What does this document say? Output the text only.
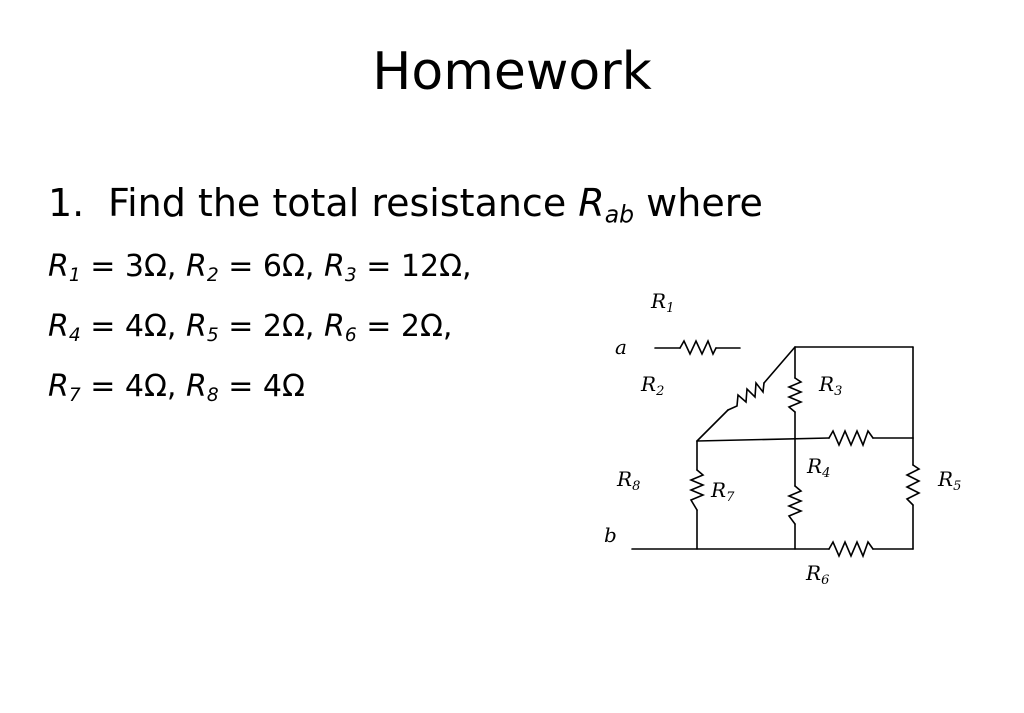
Homework
1. Find the total resistance $R_{ab}$ where
$R_1 = 3\Omega$, $R_2 = 6\Omega$, $R_3 = 12\Omega$,
$R_4 = 4\Omega$, $R_5 = 2\Omega$, $R_6 = 2\Omega$,
$R_7 = 4\Omega$, $R_8 = 4\Omega$
a
b
$R_1$
$R_2$	$R_3$
$R_4$	$R_5$
$R_6$
$R_7$
$R_8$
